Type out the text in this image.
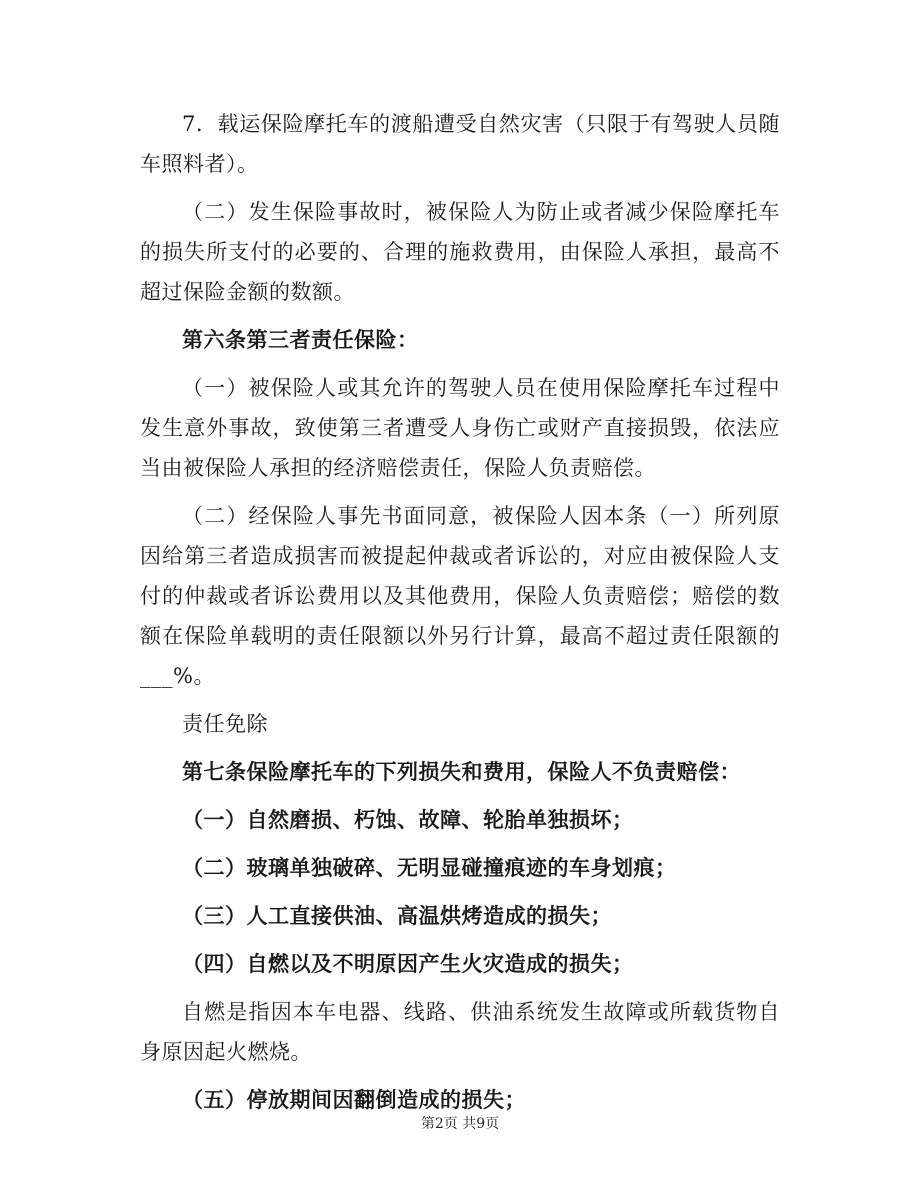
7．载运保险摩托车的渡船遭受自然灾害（只限于有驾驶人员随车照料者）。

（二）发生保险事故时，被保险人为防止或者减少保险摩托车的损失所支付的必要的、合理的施救费用，由保险人承担，最高不超过保险金额的数额。

第六条第三者责任保险：

（一）被保险人或其允许的驾驶人员在使用保险摩托车过程中发生意外事故，致使第三者遭受人身伤亡或财产直接损毁，依法应当由被保险人承担的经济赔偿责任，保险人负责赔偿。

（二）经保险人事先书面同意，被保险人因本条（一）所列原因给第三者造成损害而被提起仲裁或者诉讼的，对应由被保险人支付的仲裁或者诉讼费用以及其他费用，保险人负责赔偿；赔偿的数额在保险单载明的责任限额以外另行计算，最高不超过责任限额的___%。

责任免除

第七条保险摩托车的下列损失和费用，保险人不负责赔偿：

（一）自然磨损、朽蚀、故障、轮胎单独损坏；

（二）玻璃单独破碎、无明显碰撞痕迹的车身划痕；

（三）人工直接供油、高温烘烤造成的损失；

（四）自燃以及不明原因产生火灾造成的损失；

自燃是指因本车电器、线路、供油系统发生故障或所载货物自身原因起火燃烧。

（五）停放期间因翻倒造成的损失；

第2页 共9页
